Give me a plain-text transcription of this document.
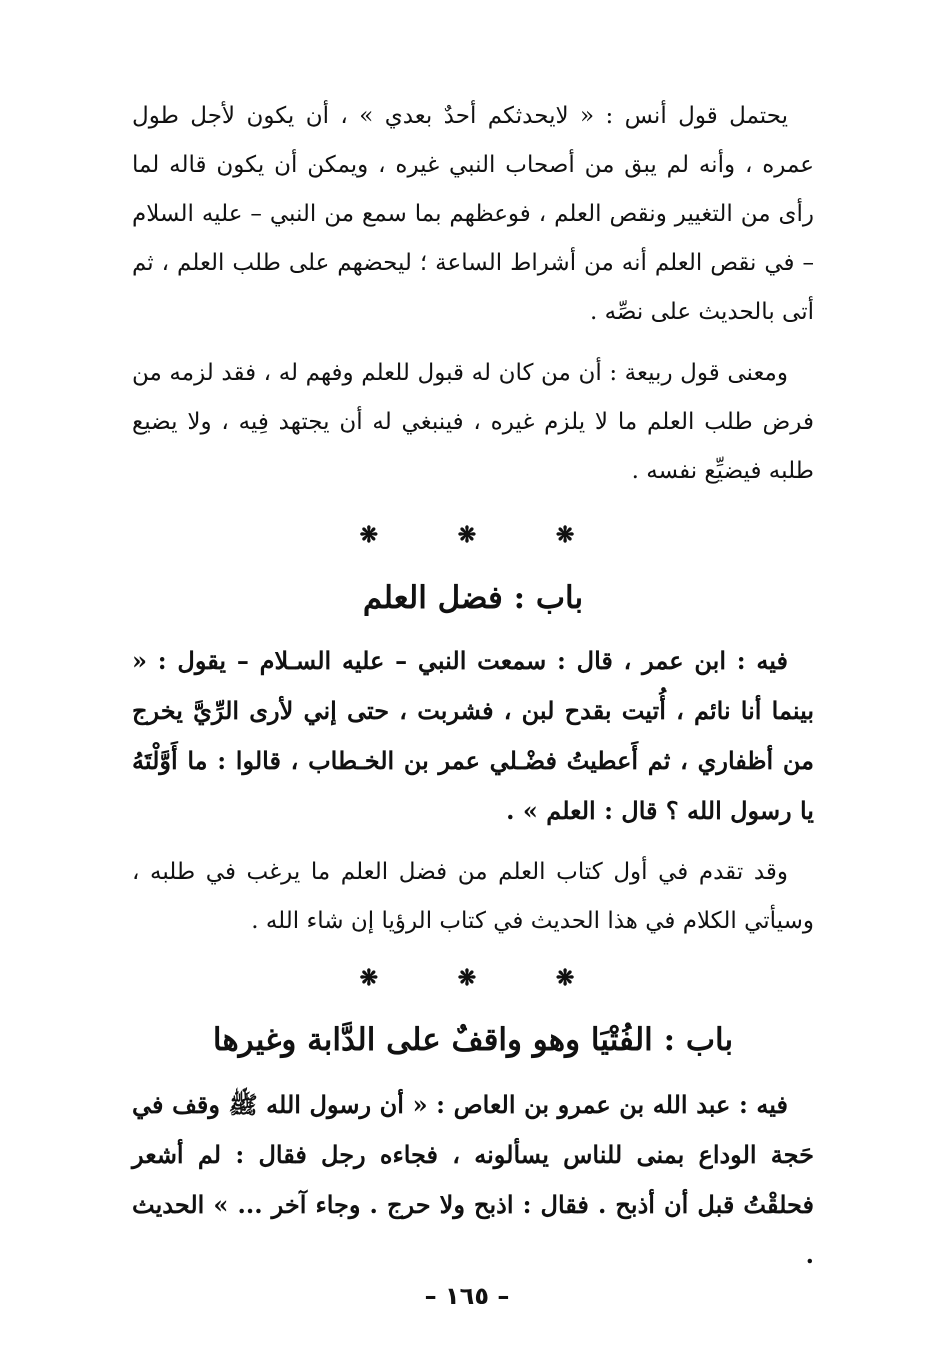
يحتمل قول أنس : « لايحدثكم أحدٌ بعدي » ، أن يكون لأجل طول عمره ، وأنه لم يبق من أصحاب النبي غيره ، ويمكن أن يكون قاله لما رأى من التغيير ونقص العلم ، فوعظهم بما سمع من النبي – عليه السلام – في نقص العلم أنه من أشراط الساعة ؛ ليحضهم على طلب العلم ، ثم أتى بالحديث على نصِّه .

ومعنى قول ربيعة : أن من كان له قبول للعلم وفهم له ، فقد لزمه من فرض طلب العلم ما لا يلزم غيره ، فينبغي له أن يجتهد فِيه ، ولا يضيع طلبه فيضيِّع نفسه .

❋ ❋ ❋
باب : فضل العلم

فيه : ابن عمر ، قال : سمعت النبي – عليه السـلام – يقول : « بينما أنا نائم ، أُتيت بقدح لبن ، فشربت ، حتى إني لأرى الرِّيَّ يخرج من أظفاري ، ثم أَعطيتُ فضْـلي عمر بن الخـطاب ، قالوا : ما أَوَّلْتَهُ يا رسول الله ؟ قال : العلم » .

وقد تقدم في أول كتاب العلم من فضل العلم ما يرغب في طلبه ، وسيأتي الكلام في هذا الحديث في كتاب الرؤيا إن شاء الله .

❋ ❋ ❋
باب : الفُتْيَا وهو واقفٌ على الدَّابة وغيرها

فيه : عبد الله بن عمرو بن العاص : « أن رسول الله ﷺ وقف في حَجة الوداع بمنى للناس يسألونه ، فجاءه رجل فقال : لم أشعر فحلقْتُ قبل أن أذبح . فقال : اذبح ولا حرج . وجاء آخر ... » الحديث .

– ١٦٥ –
